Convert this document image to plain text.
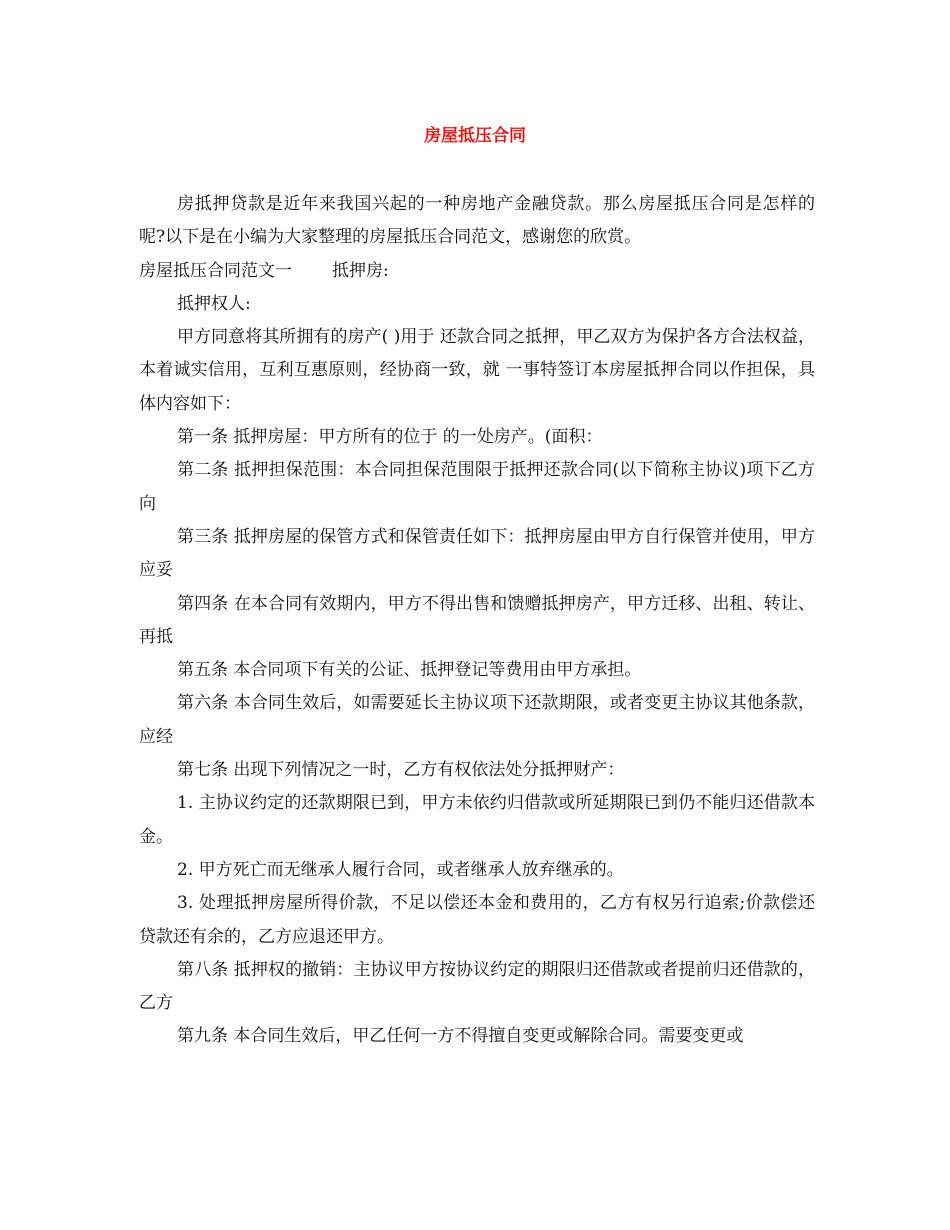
房屋抵压合同

房抵押贷款是近年来我国兴起的一种房地产金融贷款。那么房屋抵压合同是怎样的呢?以下是在小编为大家整理的房屋抵压合同范文，感谢您的欣赏。

房屋抵压合同范文一 抵押房:

抵押权人:

甲方同意将其所拥有的房产( )用于 还款合同之抵押，甲乙双方为保护各方合法权益，本着诚实信用，互利互惠原则，经协商一致，就 一事特签订本房屋抵押合同以作担保，具体内容如下：

第一条 抵押房屋：甲方所有的位于 的一处房产。(面积：

第二条 抵押担保范围：本合同担保范围限于抵押还款合同(以下简称主协议)项下乙方向

第三条 抵押房屋的保管方式和保管责任如下：抵押房屋由甲方自行保管并使用，甲方应妥

第四条 在本合同有效期内，甲方不得出售和馈赠抵押房产，甲方迁移、出租、转让、再抵

第五条 本合同项下有关的公证、抵押登记等费用由甲方承担。

第六条 本合同生效后，如需要延长主协议项下还款期限，或者变更主协议其他条款，应经

第七条 出现下列情况之一时，乙方有权依法处分抵押财产：

1. 主协议约定的还款期限已到，甲方未依约归借款或所延期限已到仍不能归还借款本金。

2. 甲方死亡而无继承人履行合同，或者继承人放弃继承的。

3. 处理抵押房屋所得价款，不足以偿还本金和费用的，乙方有权另行追索;价款偿还贷款还有余的，乙方应退还甲方。

第八条 抵押权的撤销：主协议甲方按协议约定的期限归还借款或者提前归还借款的，乙方

第九条 本合同生效后，甲乙任何一方不得擅自变更或解除合同。需要变更或
